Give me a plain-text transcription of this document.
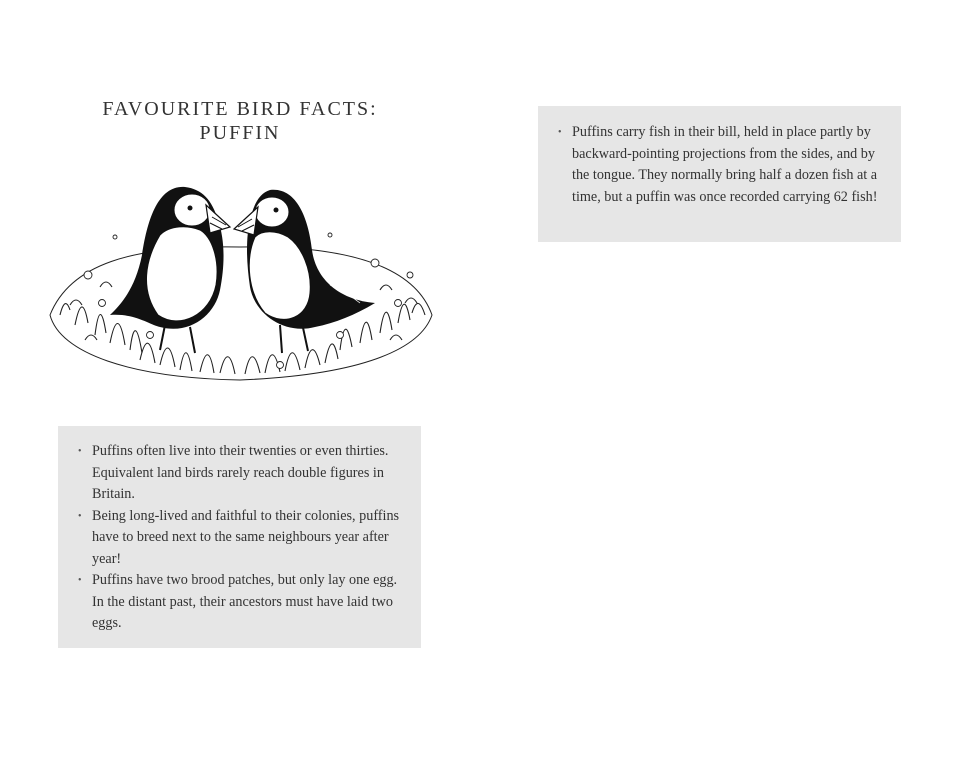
FAVOURITE BIRD FACTS:
PUFFIN
• Puffins often live into their twenties or even thirties. Equivalent land birds rarely reach double figures in Britain.
• Being long-lived and faithful to their colonies, puffins have to breed next to the same neighbours year after year!
• Puffins have two brood patches, but only lay one egg. In the distant past, their ancestors must have laid two eggs.
• Puffins carry fish in their bill, held in place partly by backward-pointing projections from the sides, and by the tongue. They normally bring half a dozen fish at a time, but a puffin was once recorded carrying 62 fish!
